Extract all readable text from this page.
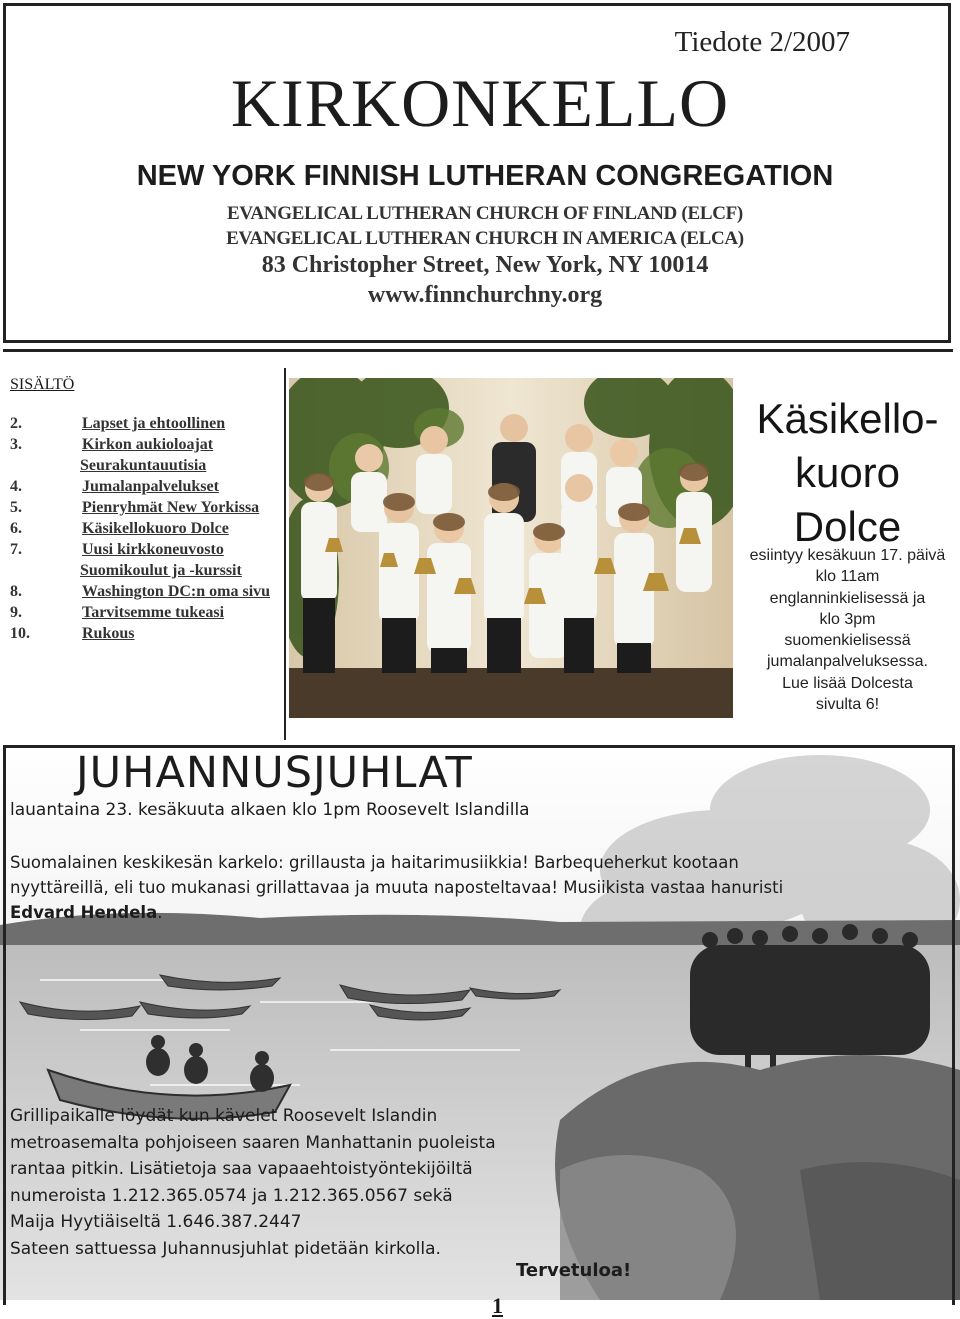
Tiedote 2/2007
KIRKONKELLO
NEW YORK FINNISH LUTHERAN CONGREGATION
EVANGELICAL LUTHERAN CHURCH OF FINLAND (ELCF)
EVANGELICAL LUTHERAN CHURCH IN AMERICA (ELCA)
83 Christopher Street, New York, NY 10014
www.finnchurchny.org
SISÄLTÖ
2.	Lapset ja ehtoollinen
3.	Kirkon aukioloajat
Seurakuntauutisia
4.	Jumalanpalvelukset
5.	Pienryhmät New Yorkissa
6.	Käsikellokuoro Dolce
7.	Uusi kirkkoneuvosto
Suomikoulut ja -kurssit
8.	Washington DC:n oma sivu
9.	Tarvitsemme tukeasi
10.	Rukous
Käsikello-
kuoro
Dolce
esiintyy kesäkuun 17. päivä
klo 11am
englanninkielisessä ja
klo 3pm
suomenkielisessä
jumalanpalveluksessa.
Lue lisää Dolcesta
sivulta 6!
JUHANNUSJUHLAT
lauantaina 23. kesäkuuta alkaen klo 1pm Roosevelt Islandilla
Suomalainen keskikesän karkelo: grillausta ja haitarimusiikkia! Barbequeherkut kootaan
nyyttäreillä, eli tuo mukanasi grillattavaa ja muuta naposteltavaa! Musiikista vastaa hanuristi
Edvard Hendela.
Grillipaikalle löydät kun kävelet Roosevelt Islandin
metroasemalta pohjoiseen saaren Manhattanin puoleista
rantaa pitkin. Lisätietoja saa vapaaehtoistyöntekijöiltä
numeroista 1.212.365.0574 ja 1.212.365.0567 sekä
Maija Hyytiäiseltä 1.646.387.2447
Sateen sattuessa Juhannusjuhlat pidetään kirkolla.
Tervetuloa!
1
